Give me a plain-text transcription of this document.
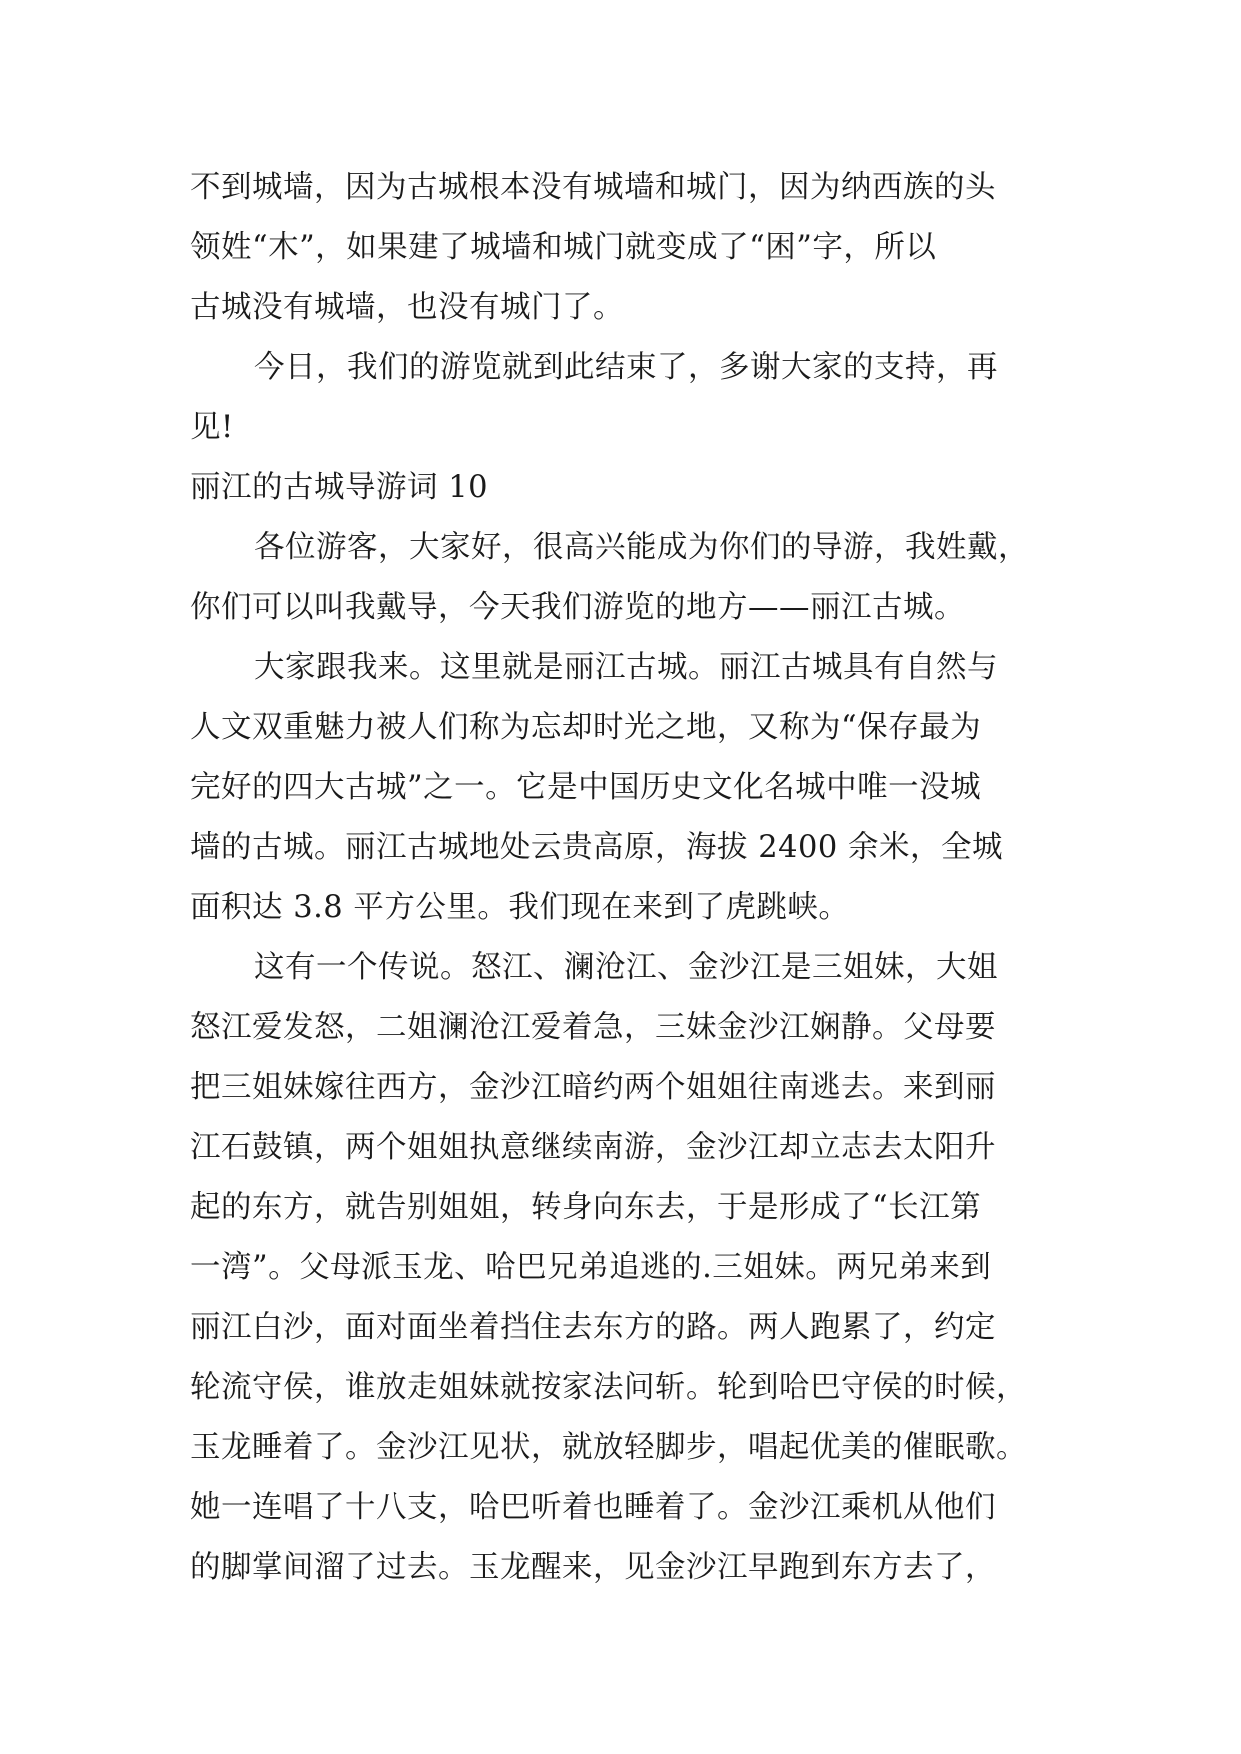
不到城墙，因为古城根本没有城墙和城门，因为纳西族的头
领姓“木”，如果建了城墙和城门就变成了“困”字，所以
古城没有城墙，也没有城门了。
今日，我们的游览就到此结束了，多谢大家的支持，再
见!
丽江的古城导游词 10
各位游客，大家好，很高兴能成为你们的导游，我姓戴，
你们可以叫我戴导，今天我们游览的地方——丽江古城。
大家跟我来。这里就是丽江古城。丽江古城具有自然与
人文双重魅力被人们称为忘却时光之地，又称为“保存最为
完好的四大古城”之一。它是中国历史文化名城中唯一没城
墙的古城。丽江古城地处云贵高原，海拔 2400 余米，全城
面积达 3.8 平方公里。我们现在来到了虎跳峡。
这有一个传说。怒江、澜沧江、金沙江是三姐妹，大姐
怒江爱发怒，二姐澜沧江爱着急，三妹金沙江娴静。父母要
把三姐妹嫁往西方，金沙江暗约两个姐姐往南逃去。来到丽
江石鼓镇，两个姐姐执意继续南游，金沙江却立志去太阳升
起的东方，就告别姐姐，转身向东去，于是形成了“长江第
一湾”。父母派玉龙、哈巴兄弟追逃的.三姐妹。两兄弟来到
丽江白沙，面对面坐着挡住去东方的路。两人跑累了，约定
轮流守侯，谁放走姐妹就按家法问斩。轮到哈巴守侯的时候，
玉龙睡着了。金沙江见状，就放轻脚步，唱起优美的催眠歌。
她一连唱了十八支，哈巴听着也睡着了。金沙江乘机从他们
的脚掌间溜了过去。玉龙醒来，见金沙江早跑到东方去了，
